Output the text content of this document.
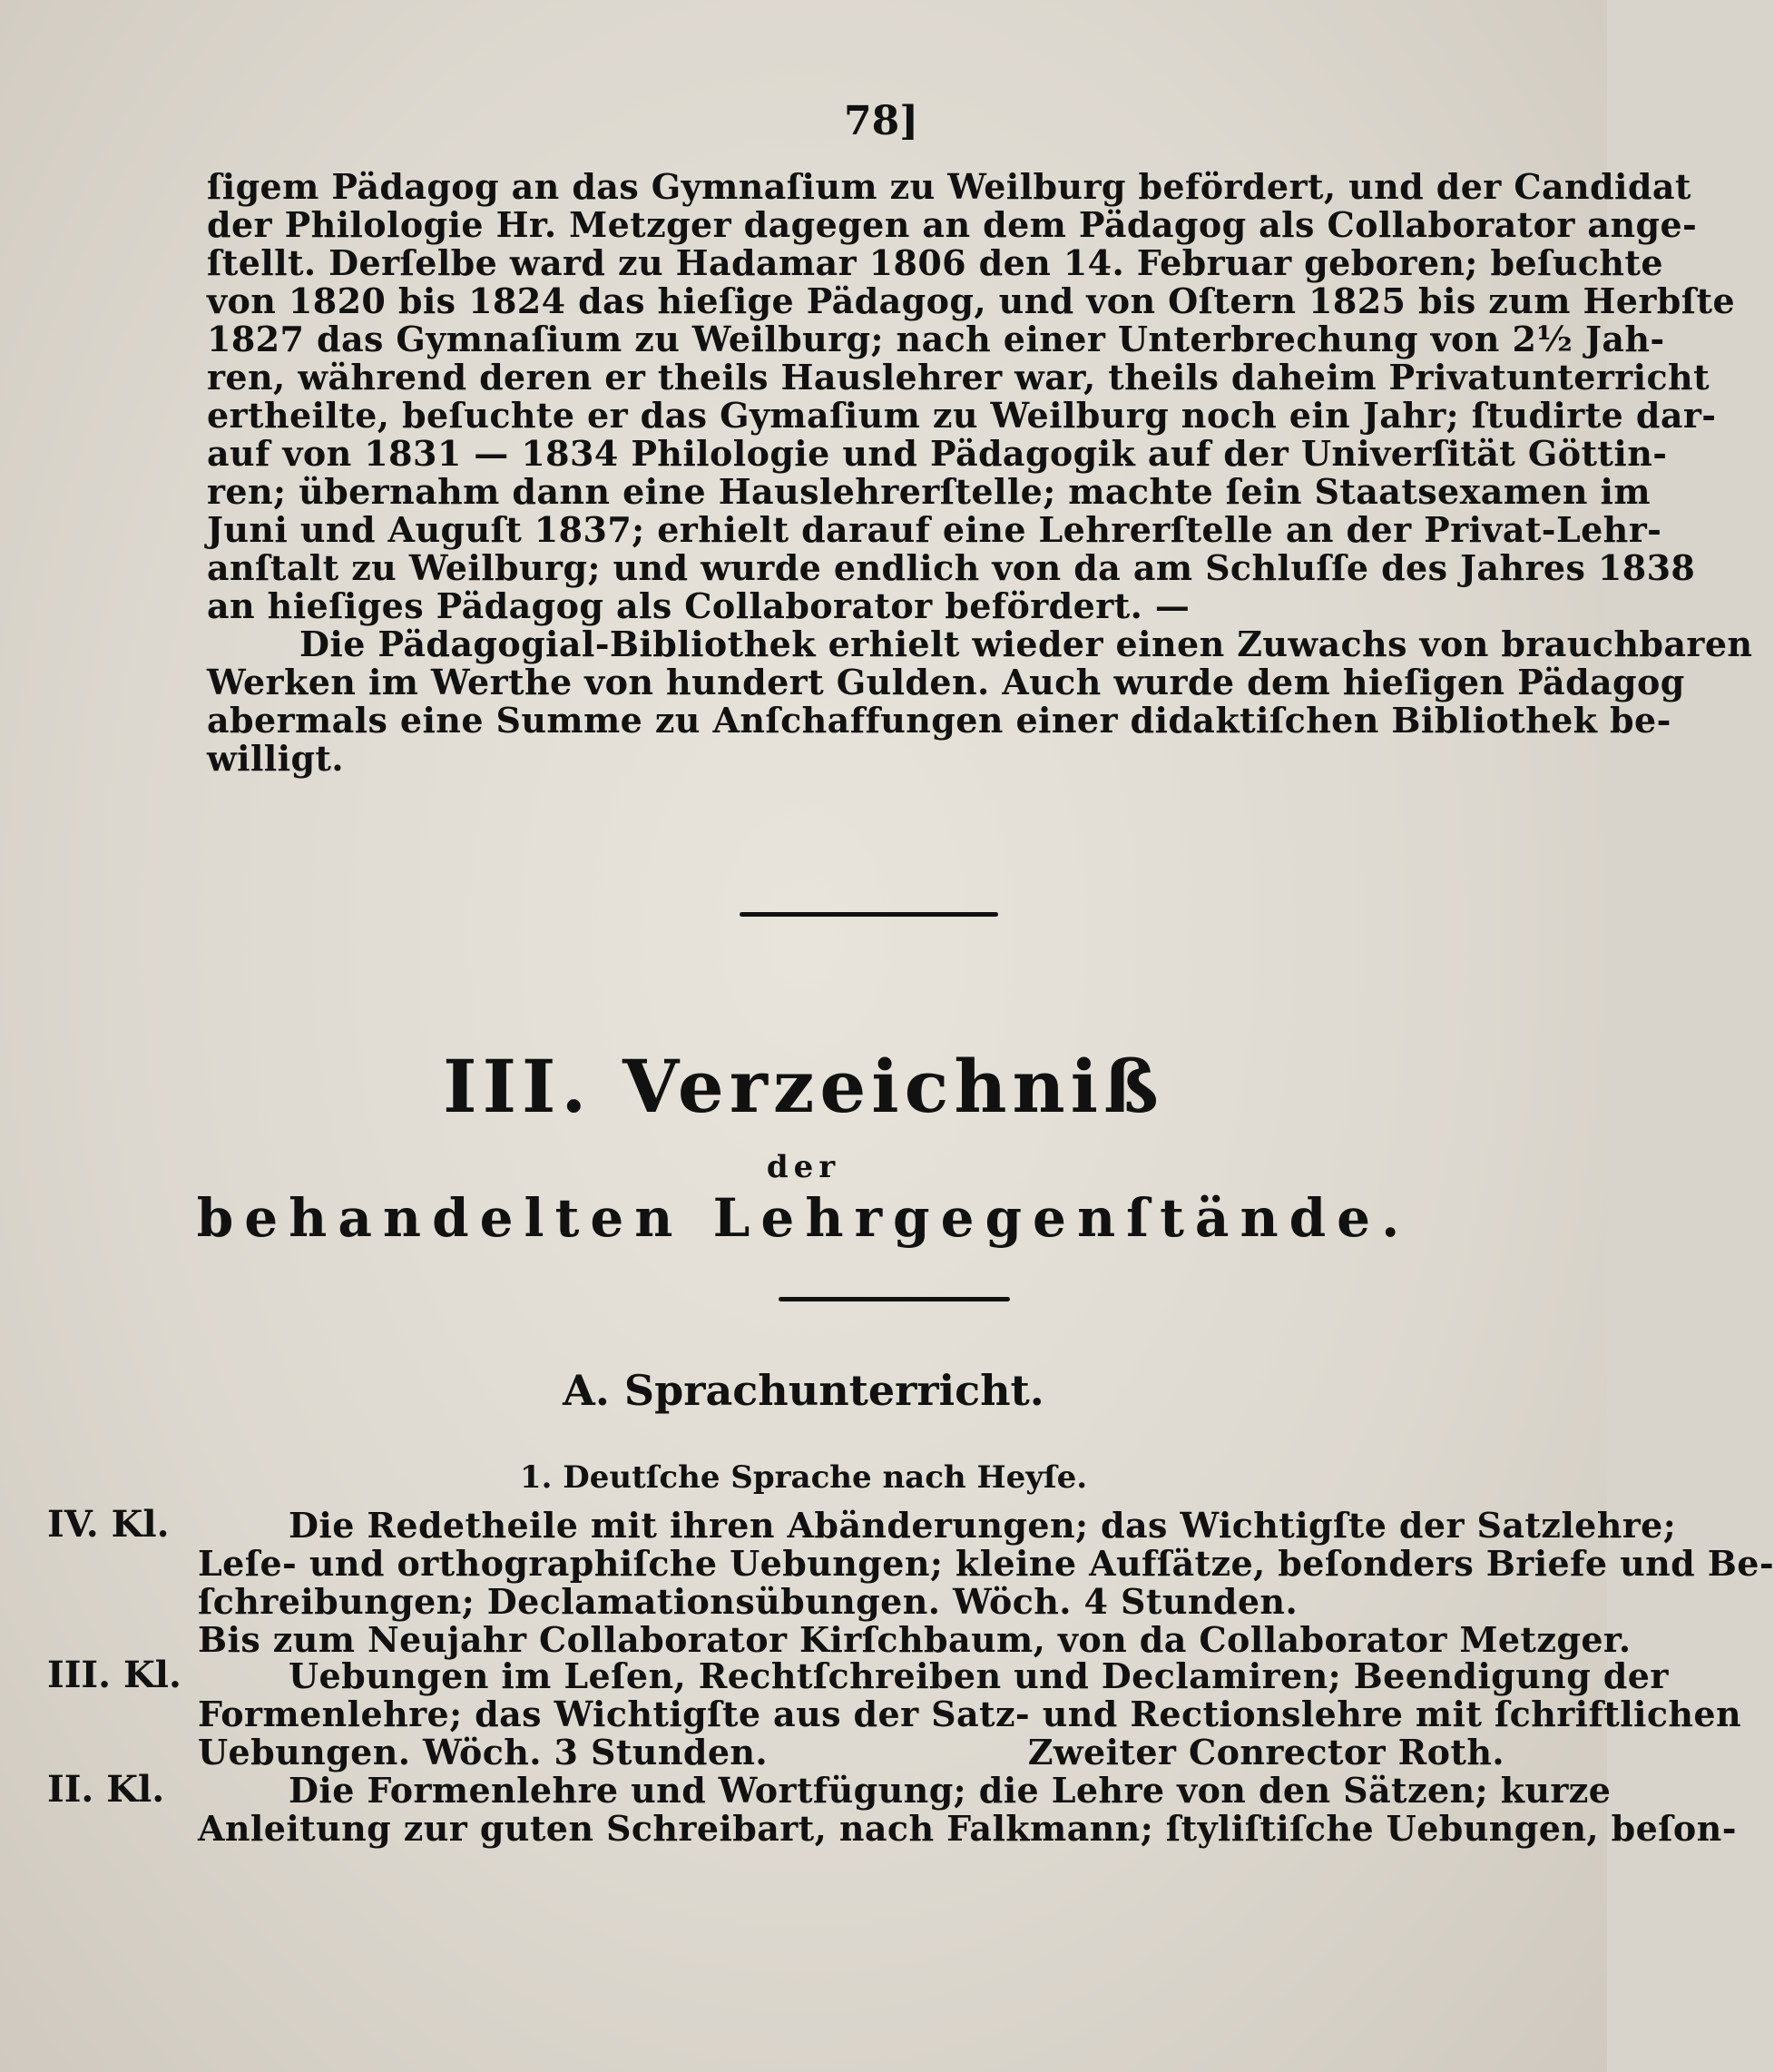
78]
ſigem Pädagog an das Gymnaſium zu Weilburg befördert, und der Candidat
der Philologie Hr. Metzger dagegen an dem Pädagog als Collaborator ange-
ſtellt. Derſelbe ward zu Hadamar 1806 den 14. Februar geboren; beſuchte
von 1820 bis 1824 das hieſige Pädagog, und von Oſtern 1825 bis zum Herbſte
1827 das Gymnaſium zu Weilburg; nach einer Unterbrechung von 2½ Jah-
ren, während deren er theils Hauslehrer war, theils daheim Privatunterricht
ertheilte, beſuchte er das Gymaſium zu Weilburg noch ein Jahr; ſtudirte dar-
auf von 1831 — 1834 Philologie und Pädagogik auf der Univerſität Göttin-
ren; übernahm dann eine Hauslehrerſtelle; machte ſein Staatsexamen im
Juni und Auguſt 1837; erhielt darauf eine Lehrerſtelle an der Privat-Lehr-
anſtalt zu Weilburg; und wurde endlich von da am Schluſſe des Jahres 1838
an hieſiges Pädagog als Collaborator befördert. —
Die Pädagogial-Bibliothek erhielt wieder einen Zuwachs von brauchbaren
Werken im Werthe von hundert Gulden. Auch wurde dem hieſigen Pädagog
abermals eine Summe zu Anſchaffungen einer didaktiſchen Bibliothek be-
willigt.
III. Verzeichniß
der
behandelten Lehrgegenſtände.
A. Sprachunterricht.
1. Deutſche Sprache nach Heyſe.
IV. Kl.	Die Redetheile mit ihren Abänderungen; das Wichtigſte der Satzlehre;
Leſe- und orthographiſche Uebungen; kleine Aufſätze, beſonders Briefe und Be-
ſchreibungen; Declamationsübungen. Wöch. 4 Stunden.
Bis zum Neujahr Collaborator Kirſchbaum, von da Collaborator Metzger.
III. Kl.	Uebungen im Leſen, Rechtſchreiben und Declamiren; Beendigung der
Formenlehre; das Wichtigſte aus der Satz- und Rectionslehre mit ſchriftlichen
Uebungen. Wöch. 3 Stunden.	Zweiter Conrector Roth.
II. Kl.	Die Formenlehre und Wortfügung; die Lehre von den Sätzen; kurze
Anleitung zur guten Schreibart, nach Falkmann; ſtyliſtiſche Uebungen, beſon-
